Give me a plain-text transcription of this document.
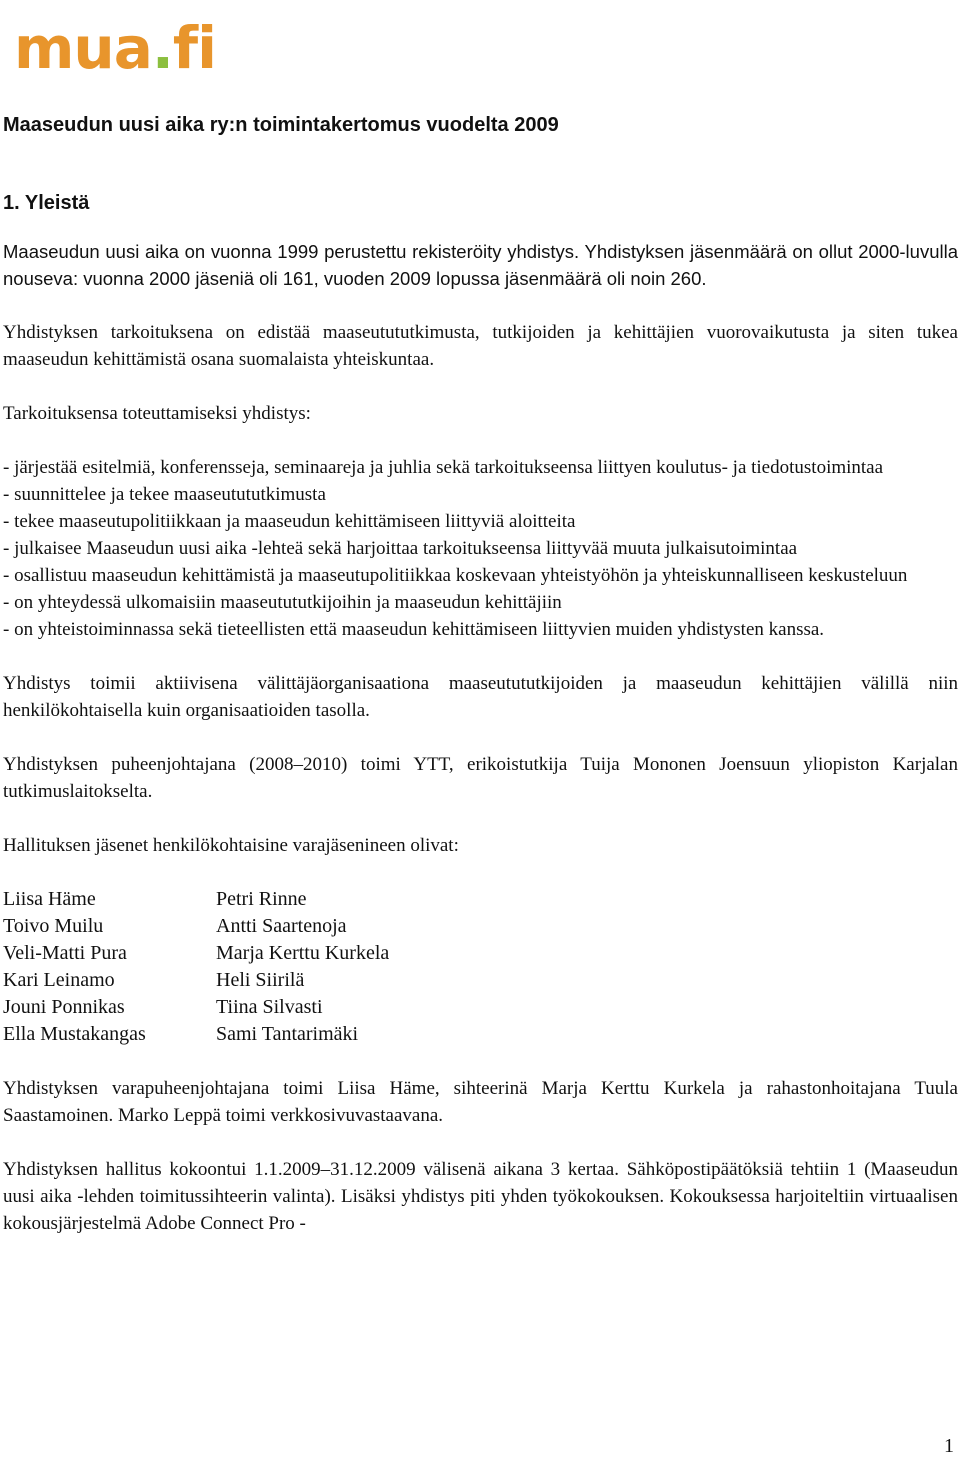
mua.fi
Maaseudun uusi aika ry:n toimintakertomus vuodelta 2009
1. Yleistä

Maaseudun uusi aika on vuonna 1999 perustettu rekisteröity yhdistys. Yhdistyksen jäsenmäärä on ollut 2000-luvulla nouseva: vuonna 2000 jäseniä oli 161, vuoden 2009 lopussa jäsenmäärä oli noin 260.

Yhdistyksen tarkoituksena on edistää maaseutututkimusta, tutkijoiden ja kehittäjien vuorovaikutusta ja siten tukea maaseudun kehittämistä osana suomalaista yhteiskuntaa.

Tarkoituksensa toteuttamiseksi yhdistys:

- järjestää esitelmiä, konferensseja, seminaareja ja juhlia sekä tarkoitukseensa liittyen koulutus- ja tiedotustoimintaa

- suunnittelee ja tekee maaseutututkimusta

- tekee maaseutupolitiikkaan ja maaseudun kehittämiseen liittyviä aloitteita

- julkaisee Maaseudun uusi aika -lehteä sekä harjoittaa tarkoitukseensa liittyvää muuta julkaisutoimintaa

- osallistuu maaseudun kehittämistä ja maaseutupolitiikkaa koskevaan yhteistyöhön ja yhteiskunnalliseen keskusteluun

- on yhteydessä ulkomaisiin maaseutututkijoihin ja maaseudun kehittäjiin

- on yhteistoiminnassa sekä tieteellisten että maaseudun kehittämiseen liittyvien muiden yhdistysten kanssa.

Yhdistys toimii aktiivisena välittäjäorganisaationa maaseutututkijoiden ja maaseudun kehittäjien välillä niin henkilökohtaisella kuin organisaatioiden tasolla.

Yhdistyksen puheenjohtajana (2008–2010) toimi YTT, erikoistutkija Tuija Mononen Joensuun yliopiston Karjalan tutkimuslaitokselta.

Hallituksen jäsenet henkilökohtaisine varajäsenineen olivat:

Liisa Häme	Petri Rinne
Toivo Muilu	Antti Saartenoja
Veli-Matti Pura	Marja Kerttu Kurkela
Kari Leinamo	Heli Siirilä
Jouni Ponnikas	Tiina Silvasti
Ella Mustakangas	Sami Tantarimäki

Yhdistyksen varapuheenjohtajana toimi Liisa Häme, sihteerinä Marja Kerttu Kurkela ja rahastonhoitajana Tuula Saastamoinen. Marko Leppä toimi verkkosivuvastaavana.

Yhdistyksen hallitus kokoontui 1.1.2009–31.12.2009 välisenä aikana 3 kertaa. Sähköpostipäätöksiä tehtiin 1 (Maaseudun uusi aika -lehden toimitussihteerin valinta). Lisäksi yhdistys piti yhden työkokouksen. Kokouksessa harjoiteltiin virtuaalisen kokousjärjestelmä Adobe Connect Pro -

1
